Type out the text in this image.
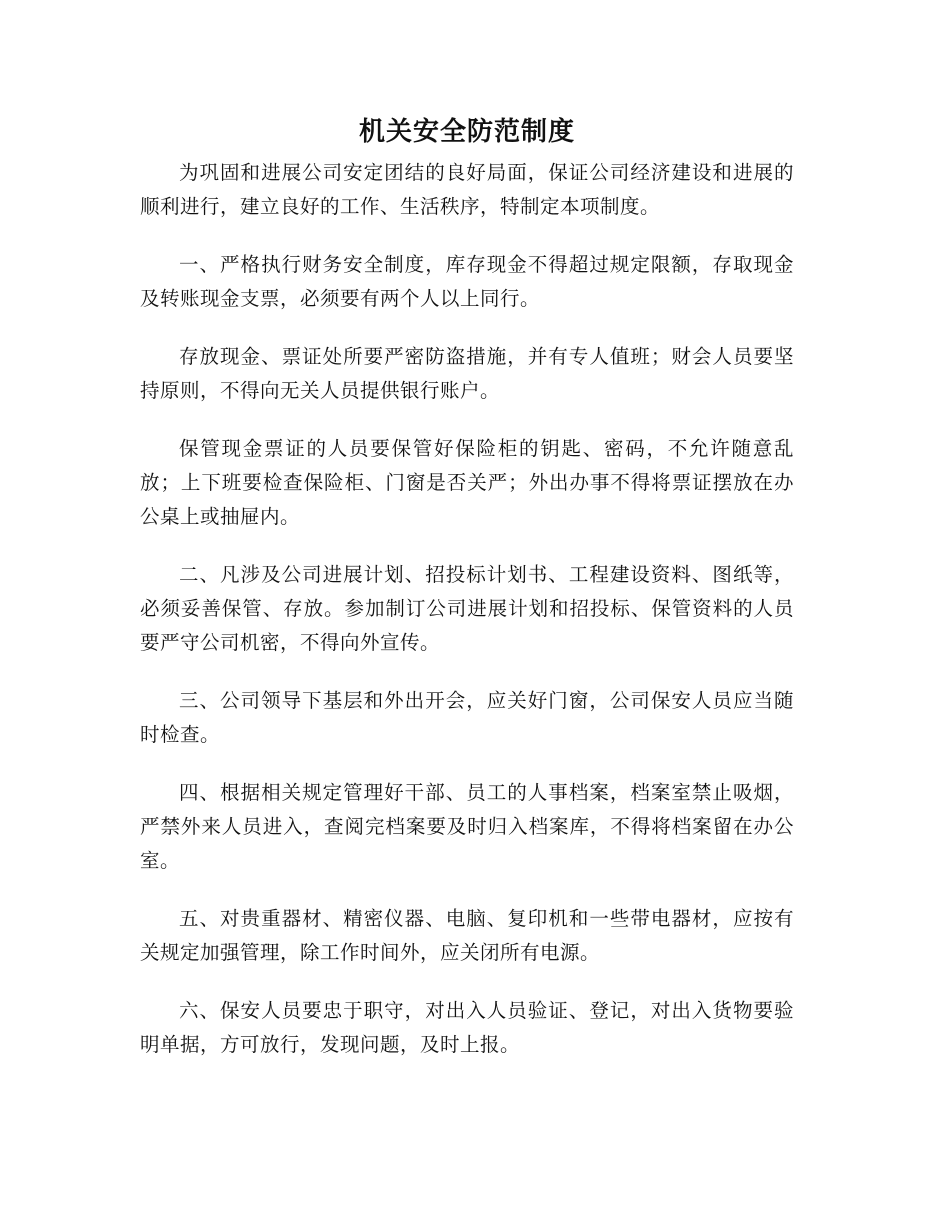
机关安全防范制度

为巩固和进展公司安定团结的良好局面，保证公司经济建设和进展的顺利进行，建立良好的工作、生活秩序，特制定本项制度。

一、严格执行财务安全制度，库存现金不得超过规定限额，存取现金及转账现金支票，必须要有两个人以上同行。

存放现金、票证处所要严密防盗措施，并有专人值班；财会人员要坚持原则，不得向无关人员提供银行账户。

保管现金票证的人员要保管好保险柜的钥匙、密码，不允许随意乱放；上下班要检查保险柜、门窗是否关严；外出办事不得将票证摆放在办公桌上或抽屉内。

二、凡涉及公司进展计划、招投标计划书、工程建设资料、图纸等，必须妥善保管、存放。参加制订公司进展计划和招投标、保管资料的人员要严守公司机密，不得向外宣传。

三、公司领导下基层和外出开会，应关好门窗，公司保安人员应当随时检查。

四、根据相关规定管理好干部、员工的人事档案，档案室禁止吸烟，严禁外来人员进入，查阅完档案要及时归入档案库，不得将档案留在办公室。

五、对贵重器材、精密仪器、电脑、复印机和一些带电器材，应按有关规定加强管理，除工作时间外，应关闭所有电源。

六、保安人员要忠于职守，对出入人员验证、登记，对出入货物要验明单据，方可放行，发现问题，及时上报。
